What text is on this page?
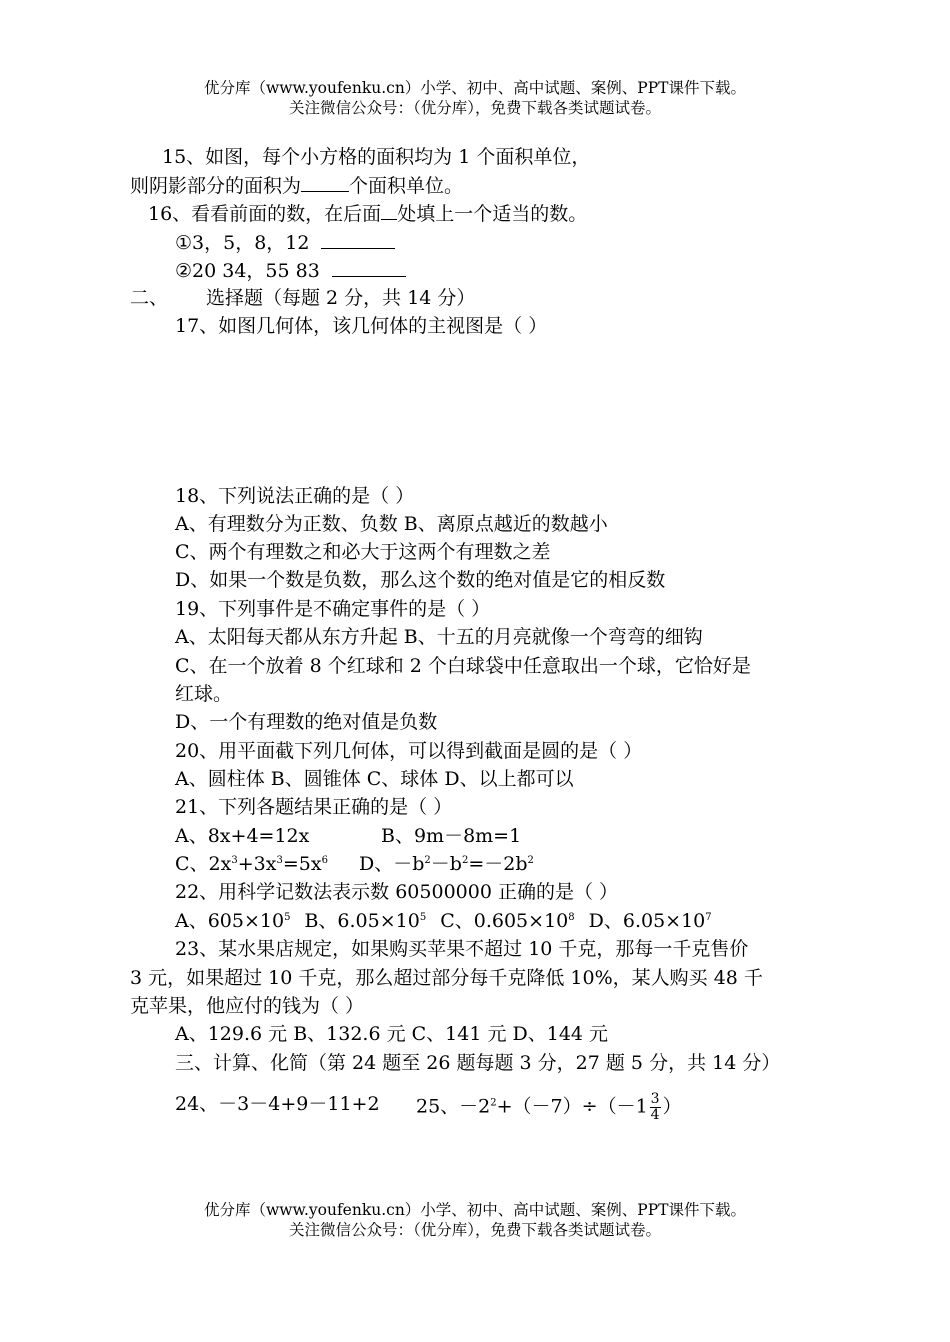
优分库（www.youfenku.cn）小学、初中、高中试题、案例、PPT课件下载。
关注微信公众号：（优分库），免费下载各类试题试卷。
15、如图，每个小方格的面积均为 1 个面积单位，
则阴影部分的面积为	个面积单位。
16、看看前面的数，在后面 处填上一个适当的数。
①3，5，8，12
②20 34，55 83
二、 选择题（每题 2 分，共 14 分）
17、如图几何体，该几何体的主视图是（ ）
18、下列说法正确的是（ ）
A、有理数分为正数、负数 B、离原点越近的数越小
C、两个有理数之和必大于这两个有理数之差
D、如果一个数是负数，那么这个数的绝对值是它的相反数
19、下列事件是不确定事件的是（ ）
A、太阳每天都从东方升起 B、十五的月亮就像一个弯弯的细钩
C、在一个放着 8 个红球和 2 个白球袋中任意取出一个球，它恰好是
红球。
D、一个有理数的绝对值是负数
20、用平面截下列几何体，可以得到截面是圆的是（ ）
A、圆柱体 B、圆锥体 C、球体 D、以上都可以
21、下列各题结果正确的是（ ）
A、8x+4=12x	B、9m－8m=1
C、$2x^3+3x^3=5x^6$ D、$-b^2-b^2=-2b^2$
22、用科学记数法表示数 60500000 正确的是（ ）
A、$605\times 10^5$ B、$6.05\times 10^5$ C、$0.605\times 10^8$ D、$6.05\times 10^7$
23、某水果店规定，如果购买苹果不超过 10 千克，那每一千克售价
3 元，如果超过 10 千克，那么超过部分每千克降低 10%，某人购买 48 千
克苹果，他应付的钱为（ ）
A、129.6 元 B、132.6 元 C、141 元 D、144 元
三、计算、化简（第 24 题至 26 题每题 3 分，27 题 5 分，共 14 分）
24、－3－4+9－11+2 25、$-2^2+(-7)\div(-1 \frac{3}{4}$ ）
优分库（www.youfenku.cn）小学、初中、高中试题、案例、PPT课件下载。
关注微信公众号：（优分库），免费下载各类试题试卷。
